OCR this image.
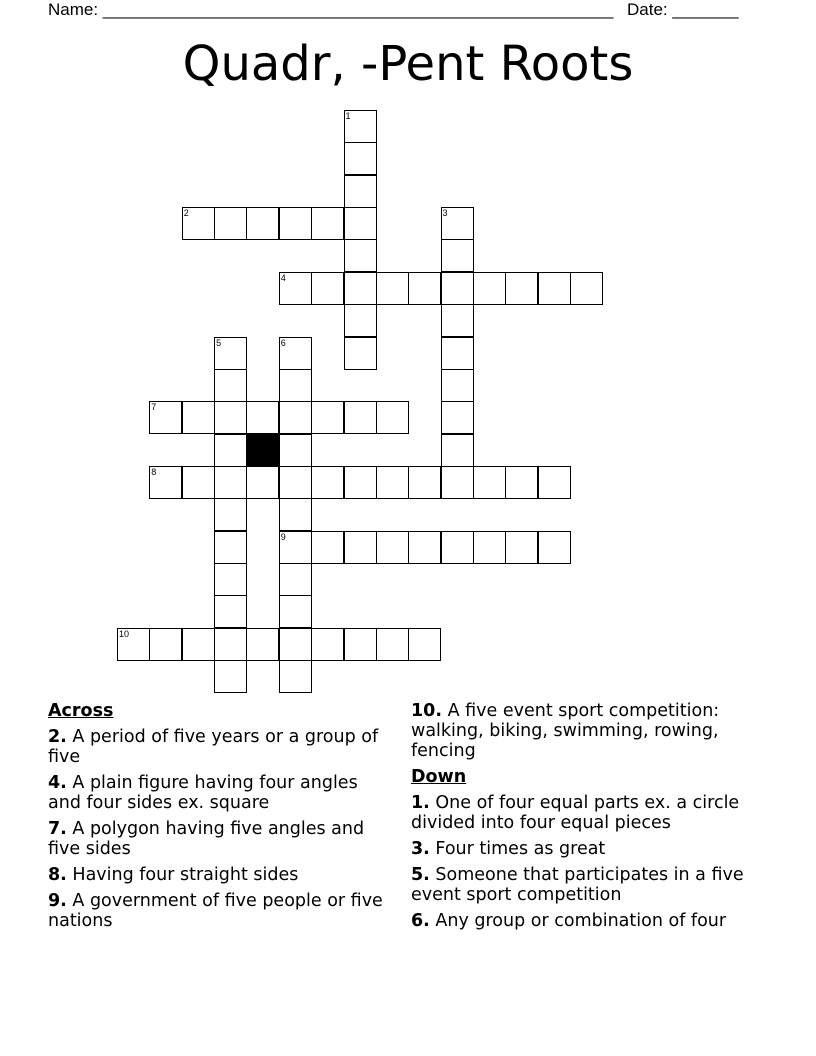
Name: ______________________________________________________ Date: _______
Quadr, -Pent Roots
1
2	3
4
5	6
7
8
9
10
Across
2. A period of five years or a group of five
4. A plain figure having four angles and four sides ex. square
7. A polygon having five angles and five sides
8. Having four straight sides
9. A government of five people or five nations
10. A five event sport competition: walking, biking, swimming, rowing, fencing
Down
1. One of four equal parts ex. a circle divided into four equal pieces
3. Four times as great
5. Someone that participates in a five event sport competition
6. Any group or combination of four
